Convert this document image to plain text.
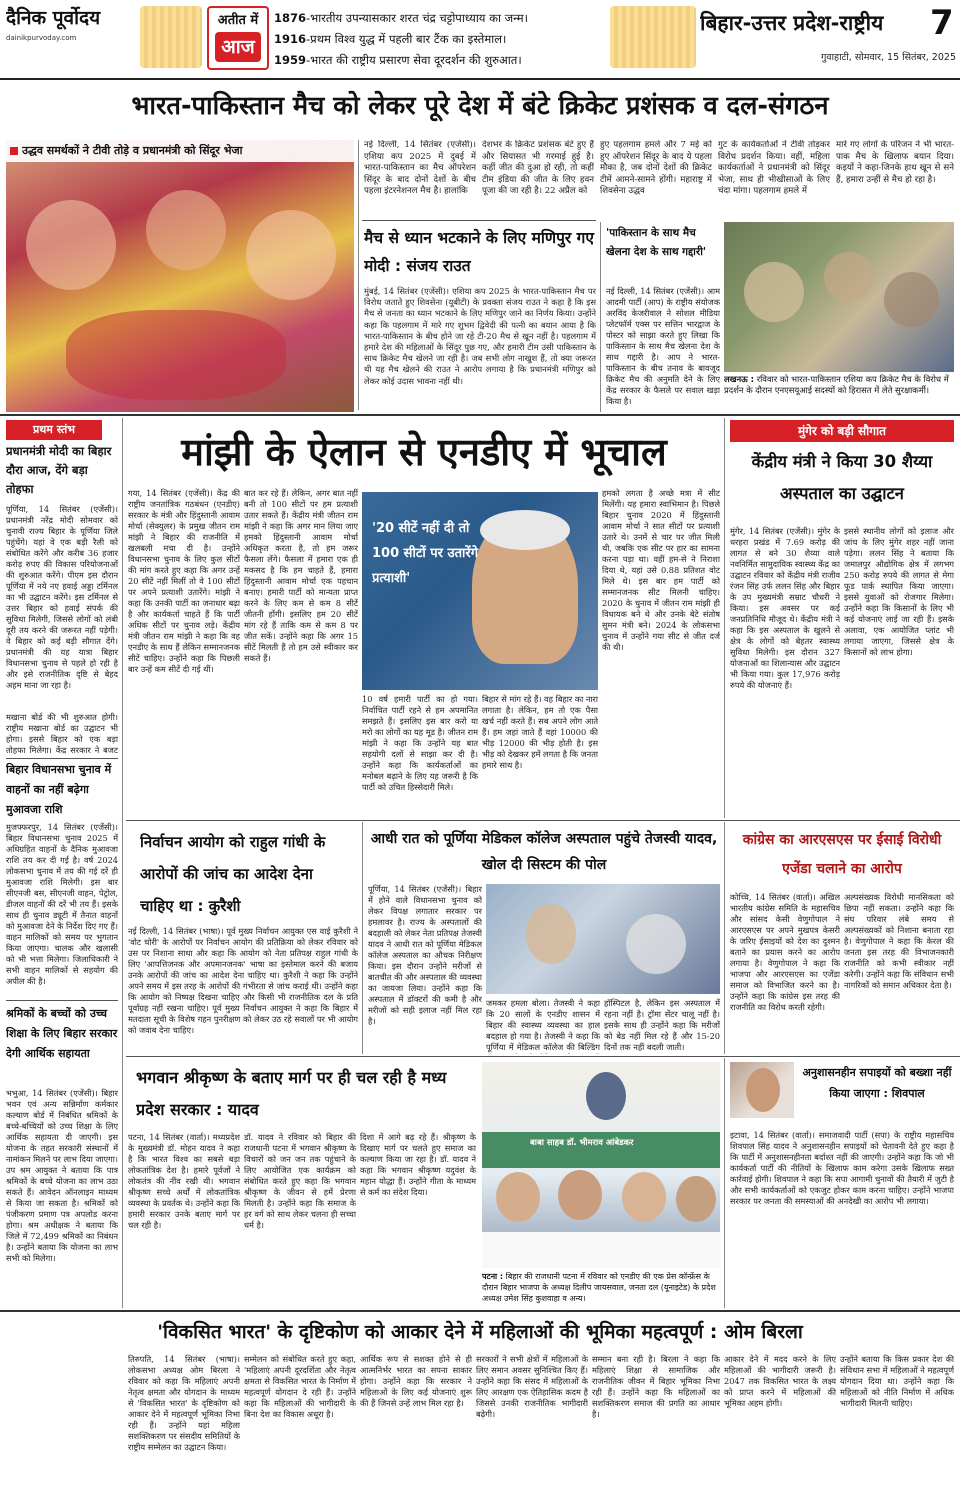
दैनिक पूर्वोदय
dainikpurvoday.com
अतीत में
आज
1876-भारतीय उपन्यासकार शरत चंद्र चट्टोपाध्याय का जन्म।
1916-प्रथम विश्व युद्ध में पहली बार टैंक का इस्तेमाल।
1959-भारत की राष्ट्रीय प्रसारण सेवा दूरदर्शन की शुरुआत।
बिहार-उत्तर प्रदेश-राष्ट्रीय	7
गुवाहाटी, सोमवार, 15 सितंबर, 2025
भारत-पाकिस्तान मैच को लेकर पूरे देश में बंटे क्रिकेट प्रशंसक व दल-संगठन
उद्धव समर्थकों ने टीवी तोड़े व प्रधानमंत्री को सिंदूर भेजा	नई दिल्ली, 14 सितंबर (एजेंसी)। एशिया कप 2025 में दुबई में भारत-पाकिस्तान का मैच ऑपरेशन सिंदूर के बाद दोनों देशों के बीच पहला इंटरनेशनल मैच है। हालांकि
देशभर के क्रिकेट प्रशंसक बंटे हुए हैं और सियासत भी गरमाई हुई है। कहीं जीत की दुआ हो रही, तो कहीं टीम इंडिया की जीत के लिए हवन पूजा की जा रही है। 22 अप्रैल को
हुए पहलगाम हमले और 7 मई को हुए ऑपरेशन सिंदूर के बाद ये पहला मौका है, जब दोनों देशों की क्रिकेट टीमें आमने-सामने होंगी। महाराष्ट्र में शिवसेना उद्धव
गुट के कार्यकर्ताओं ने टीवी तोड़कर विरोध प्रदर्शन किया। वहीं, महिला कार्यकर्ताओं ने प्रधानमंत्री को सिंदूर भेजा, साथ ही भीखीसाओं के लिए चंदा मांगा। पहलगाम हमले में
मारे गए लोगों के परिजन ने भी भारत-पाक मैच के खिलाफ बयान दिया। कइयों ने कहा-जिनके हाथ खून से सने हैं, हमारा उन्हीं से मैच हो रहा है।
मैच से ध्यान भटकाने के लिए मणिपुर गए मोदी : संजय राउत
मुंबई, 14 सितंबर (एजेंसी)। एशिया कप 2025 के भारत-पाकिस्तान मैच पर विरोध जताते हुए शिवसेना (यूबीटी) के प्रवक्ता संजय राउत ने कहा है कि इस मैच से जनता का ध्यान भटकाने के लिए मणिपुर जाने का निर्णय किया। उन्होंने कहा कि पहलगाम में मारे गए शुभम द्विवेदी की पत्नी का बयान आया है कि भारत-पाकिस्तान के बीच होने जा रहे टी-20 मैच से खून नहीं है। पहलगाम में हमारे देश की महिलाओं के सिंदूर पुछ गए, और हमारी टीम उसी पाकिस्तान के साथ क्रिकेट मैच खेलने जा रही है। जब सभी लोग नाखुश हैं, तो क्या जरूरत थी यह मैच खेलने की राउत ने आरोप लगाया है कि प्रधानमंत्री मणिपुर को लेकर कोई उदास भावना नहीं थी।
'पाकिस्तान के साथ मैच खेलना देश के साथ गद्दारी'
नई दिल्ली, 14 सितंबर (एजेंसी)। आम आदमी पार्टी (आप) के राष्ट्रीय संयोजक अरविंद केजरीवाल ने सोशल मीडिया प्लेटफॉर्म एक्स पर सत्तिन भारद्वाज के पोस्टर को साझा करते हुए लिखा कि पाकिस्तान के साथ मैच खेलना देश के साथ गद्दारी है। आप ने भारत-पाकिस्तान के बीच तनाव के बावजूद क्रिकेट मैच की अनुमति देने के लिए केंद्र सरकार के फैसले पर सवाल खड़ा किया है।
लखनऊ : रविवार को भारत-पाकिस्तान एशिया कप क्रिकेट मैच के विरोध में प्रदर्शन के दौरान एनएसयूआई सदस्यों को हिरासत में लेते सुरक्षाकर्मी।
प्रथम स्तंभ
प्रधानमंत्री मोदी का बिहार दौरा आज, देंगे बड़ा तोहफा
पूर्णिया, 14 सितंबर (एजेंसी)। प्रधानमंत्री नरेंद्र मोदी सोमवार को चुनावी राज्य बिहार के पूर्णिया जिले पहुंचेंगे। यहां वे एक बड़ी रैली को संबोधित करेंगे और करीब 36 हजार करोड़ रुपए की विकास परियोजनाओं की शुरुआत करेंगे। पीएम इस दौरान पूर्णिया में नये नए हवाई अड्डा टर्मिनल का भी उद्घाटन करेंगे। इस टर्मिनल से उत्तर बिहार को हवाई संपर्क की सुविधा मिलेगी, जिससे लोगों को लंबी दूरी तय करने की जरूरत नहीं पड़ेगी। वे बिहार को कई बड़ी सौगात देंगे। प्रधानमंत्री की यह यात्रा बिहार विधानसभा चुनाव से पहले हो रही है और इसे राजनीतिक दृष्टि से बेहद अहम माना जा रहा है।
मखाना बोर्ड की भी शुरुआत होगी। राष्ट्रीय मखाना बोर्ड का उद्घाटन भी होगा। इससे बिहार को एक बड़ा तोहफा मिलेगा। केंद्र सरकार ने बजट
बिहार विधानसभा चुनाव में वाहनों का नहीं बढ़ेगा मुआवजा राशि
मुजफ्फरपुर, 14 सितंबर (एजेंसी)। बिहार विधानसभा चुनाव 2025 में अधिग्रहित वाहनों के दैनिक मुआवजा राशि तय कर दी गई है। वर्ष 2024 लोकसभा चुनाव में तय की गई दरें ही मुआवजा राशि मिलेगी। इस बार सीएनजी बस, सीएनजी वाहन, पेट्रोल, डीजल वाहनों की दरें भी तय हैं। इसके साथ ही चुनाव ड्यूटी में तैनात वाहनों को मुआवजा देने के निर्देश दिए गए हैं। वाहन मालिकों को समय पर भुगतान किया जाएगा। चालक और खलासी को भी भत्ता मिलेगा। जिलाधिकारी ने सभी वाहन मालिकों से सहयोग की अपील की है।
श्रमिकों के बच्चों को उच्च शिक्षा के लिए बिहार सरकार देगी आर्थिक सहायता
भभुआ, 14 सितंबर (एजेंसी)। बिहार भवन एवं अन्य सन्निर्माण कर्मकार कल्याण बोर्ड में निबंधित श्रमिकों के बच्चे-बच्चियों को उच्च शिक्षा के लिए आर्थिक सहायता दी जाएगी। इस योजना के तहत सरकारी संस्थानों में नामांकन मिलने पर लाभ दिया जाएगा। उप श्रम आयुक्त ने बताया कि पात्र श्रमिकों के बच्चे योजना का लाभ उठा सकते हैं। आवेदन ऑनलाइन माध्यम से किया जा सकता है। श्रमिकों को पंजीकरण प्रमाण पत्र अपलोड करना होगा। श्रम अधीक्षक ने बताया कि जिले में 72,499 श्रमिकों का निबंधन है। उन्होंने बताया कि योजना का लाभ सभी को मिलेगा।
मांझी के ऐलान से एनडीए में भूचाल
गया, 14 सितंबर (एजेंसी)। केंद्र की राष्ट्रीय जनतांत्रिक गठबंधन (एनडीए) सरकार के मंत्री और हिंदुस्तानी आवाम मोर्चा (सेक्युलर) के प्रमुख जीतन राम मांझी ने बिहार की राजनीति में खलबली मचा दी है। उन्होंने विधानसभा चुनाव के लिए कुल सीटों की मांग करते हुए कहा कि अगर उन्हें 20 सीटें नहीं मिलीं तो वे 100 सीटों पर अपने प्रत्याशी उतारेंगे। मांझी ने कहा कि उनकी पार्टी का जनाधार बढ़ा है और कार्यकर्ता चाहते हैं कि पार्टी अधिक सीटों पर चुनाव लड़े। केंद्रीय मंत्री जीतन राम मांझी ने कहा कि वह एनडीए के साथ हैं लेकिन सम्मानजनक सीटें चाहिए। उन्होंने कहा कि पिछली बार उन्हें कम सीटें दी गई थीं।
बात कर रहे हैं। लेकिन, अगर बात नहीं बनी तो 100 सीटों पर हम प्रत्याशी उतार सकते हैं। केंद्रीय मंत्री जीतन राम मांझी ने कहा कि अगर मान लिया जाए हमको हिंदुस्तानी आवाम मोर्चा अधिकृत करता है, तो हम जरूर फैसला लेंगे। फैसला में हमारा एक ही मकसद है कि हम चाहते हैं, हमारा हिंदुस्तानी आवाम मोर्चा एक पहचान बनाए। हमारी पार्टी को मान्यता प्राप्त करने के लिए कम से कम 8 सीटें जीतनी होंगी। इसलिए हम 20 सीटें मांग रहे हैं ताकि कम से कम 8 पर जीत सकें। उन्होंने कहा कि अगर 15 सीटें मिलती हैं तो हम उसे स्वीकार कर सकते हैं।
'20 सीटें नहीं दी तो 100 सीटों पर उतारेंगे प्रत्याशी'
हमको लगता है अच्छे मत्रा में सीट मिलेंगी। यह हमारा स्वाभिमान है। पिछले बिहार चुनाव 2020 में हिंदुस्तानी आवाम मोर्चा ने सात सीटों पर प्रत्याशी उतारे थे। उनमें से चार पर जीत मिली थी, जबकि एक सीट पर हार का सामना करना पड़ा था। वहीं हम-से ने निराशा दिया थे, यहां उसे 0.88 प्रतिशत वोट मिले थे। इस बार हम पार्टी को सम्मानजनक सीट मिलनी चाहिए। 2020 के चुनाव में जीतन राम मांझी ही विधायक बने थे और उनके बेटे संतोष सुमन मंत्री बने। 2024 के लोकसभा चुनाव में उन्होंने गया सीट से जीत दर्ज की थी।
10 वर्ष हमारी पार्टी का हो गया। निर्वाचित पार्टी रहने से हम अपमानित समझते हैं। इसलिए इस बार करो या मरो का लोगों का यह मूड है। जीतन राम मांझी ने कहा कि उन्होंने यह बात सहयोगी दलों से साझा कर दी है। उन्होंने कहा कि कार्यकर्ताओं का मनोबल बढ़ाने के लिए यह जरूरी है कि पार्टी को उचित हिस्सेदारी मिले।
बिहार से मांग रहे हैं। वह बिहार का नारा लगाता है। लेकिन, हम तो एक पैसा खर्च नहीं करते हैं। सब अपने लोग आते हैं। हम जहां जाते हैं वहां 10000 की भीड़ 12000 की भीड़ होती है। इस भीड़ को देखकर हमें लगता है कि जनता हमारे साथ है।
मुंगेर को बड़ी सौगात
केंद्रीय मंत्री ने किया 30 शैय्या अस्पताल का उद्घाटन
मुंगेर, 14 सितंबर (एजेंसी)। मुंगेर के धरहरा प्रखंड में 7.69 करोड़ की लागत से बने 30 शैय्या वाले नवनिर्मित सामुदायिक स्वास्थ्य केंद्र का उद्घाटन रविवार को केंद्रीय मंत्री राजीव रंजन सिंह उर्फ ललन सिंह और बिहार के उप मुख्यमंत्री सम्राट चौधरी ने किया। इस अवसर पर कई जनप्रतिनिधि मौजूद थे। केंद्रीय मंत्री ने कहा कि इस अस्पताल के खुलने से क्षेत्र के लोगों को बेहतर स्वास्थ्य सुविधा मिलेगी। इस दौरान 327 योजनाओं का शिलान्यास और उद्घाटन भी किया गया। कुल 17,976 करोड़ रुपये की योजनाएं हैं।
इससे स्थानीय लोगों को इलाज और जांच के लिए मुंगेर शहर नहीं जाना पड़ेगा। ललन सिंह ने बताया कि जमालपुर औद्योगिक क्षेत्र में लगभग 250 करोड़ रुपये की लागत से मेगा फूड पार्क स्थापित किया जाएगा। इससे युवाओं को रोजगार मिलेगा। उन्होंने कहा कि किसानों के लिए भी कई योजनाएं लाई जा रही हैं। इसके अलावा, एक आयोजित प्लांट भी लगाया जाएगा, जिससे क्षेत्र के किसानों को लाभ होगा।
निर्वाचन आयोग को राहुल गांधी के आरोपों की जांच का आदेश देना चाहिए था : कुरैशी
नई दिल्ली, 14 सितंबर (भाषा)। पूर्व मुख्य निर्वाचन आयुक्त एस वाई कुरैशी ने 'वोट चोरी' के आरोपों पर निर्वाचन आयोग की प्रतिक्रिया को लेकर रविवार को उस पर निशाना साधा और कहा कि आयोग को नेता प्रतिपक्ष राहुल गांधी के लिए 'आपत्तिजनक और अपमानजनक' भाषा का इस्तेमाल करने की बजाय उनके आरोपों की जांच का आदेश देना चाहिए था। कुरैशी ने कहा कि उन्होंने अपने समय में इस तरह के आरोपों की गंभीरता से जांच कराई थी। उन्होंने कहा कि आयोग को निष्पक्ष दिखना चाहिए और किसी भी राजनीतिक दल के प्रति पूर्वाग्रह नहीं रखना चाहिए। पूर्व मुख्य निर्वाचन आयुक्त ने कहा कि बिहार में मतदाता सूची के विशेष गहन पुनरीक्षण को लेकर उठ रहे सवालों पर भी आयोग को जवाब देना चाहिए।
आधी रात को पूर्णिया मेडिकल कॉलेज अस्पताल पहुंचे तेजस्वी यादव, खोल दी सिस्टम की पोल
पूर्णिया, 14 सितंबर (एजेंसी)। बिहार में होने वाले विधानसभा चुनाव को लेकर विपक्ष लगातार सरकार पर हमलावर है। राज्य के अस्पतालों की बदहाली को लेकर नेता प्रतिपक्ष तेजस्वी यादव ने आधी रात को पूर्णिया मेडिकल कॉलेज अस्पताल का औचक निरीक्षण किया। इस दौरान उन्होंने मरीजों से बातचीत की और अस्पताल की व्यवस्था का जायजा लिया। उन्होंने कहा कि अस्पताल में डॉक्टरों की कमी है और मरीजों को सही इलाज नहीं मिल रहा है।
जमकर हमला बोला। तेजस्वी ने कहा कि 20 सालों के एनडीए शासन में बिहार की स्वास्थ्य व्यवस्था का हाल बदहाल हो गया है। तेजस्वी ने कहा कि पूर्णिया में मेडिकल कॉलेज की बिल्डिंग
हॉस्पिटल है, लेकिन इस अस्पताल में रहना नहीं है। ट्रॉमा सेंटर चालू नहीं है। इसके साथ ही उन्होंने कहा कि मरीजों को बेड नहीं मिल रहे हैं और 15-20 दिनों तक नहीं बदली जाती।
कांग्रेस का आरएसएस पर ईसाई विरोधी एजेंडा चलाने का आरोप
कोच्चि, 14 सितंबर (वार्ता)। अखिल भारतीय कांग्रेस समिति के महासचिव और सांसद केसी वेणुगोपाल ने आरएसएस पर अपने मुखपत्र केसरी के जरिए ईसाइयों को देश का दुश्मन बताने का प्रयास करने का आरोप लगाया है। वेणुगोपाल ने कहा कि भाजपा और आरएसएस का एजेंडा समाज को विभाजित करने का है। उन्होंने कहा कि कांग्रेस इस तरह की राजनीति का विरोध करती रहेगी।
अल्पसंख्यक विरोधी मानसिकता को छिपा नहीं सकता। उन्होंने कहा कि संघ परिवार लंबे समय से अल्पसंख्यकों को निशाना बनाता रहा है। वेणुगोपाल ने कहा कि केरल की जनता इस तरह की विभाजनकारी राजनीति को कभी स्वीकार नहीं करेगी। उन्होंने कहा कि संविधान सभी नागरिकों को समान अधिकार देता है।
भगवान श्रीकृष्ण के बताए मार्ग पर ही चल रही है मध्य प्रदेश सरकार : यादव
पटना, 14 सितंबर (वार्ता)। मध्यप्रदेश के मुख्यमंत्री डॉ. मोहन यादव ने कहा है कि भारत विश्व का सबसे बड़ा लोकतांत्रिक देश है। हमारे पूर्वजों ने लोकतंत्र की नींव रखी थी। भगवान श्रीकृष्ण सच्चे अर्थों में लोकतांत्रिक व्यवस्था के प्रवर्तक थे। उन्होंने कहा कि हमारी सरकार उनके बताए मार्ग पर चल रही है।
डॉ. यादव ने रविवार को बिहार की राजधानी पटना में भगवान श्रीकृष्ण के विचारों को जन जन तक पहुंचाने के लिए आयोजित एक कार्यक्रम को संबोधित करते हुए कहा कि भगवान श्रीकृष्ण के जीवन से हमें प्रेरणा मिलती है। उन्होंने कहा कि समाज के हर वर्ग को साथ लेकर चलना ही सच्चा धर्म है।
दिशा में आगे बढ़ रहे हैं। श्रीकृष्ण के दिखाए मार्ग पर चलते हुए समाज का कल्याण किया जा रहा है। डॉ. यादव ने कहा कि भगवान श्रीकृष्ण यदुवंश के महान योद्धा हैं। उन्होंने गीता के माध्यम से कर्म का संदेश दिया।
बाबा साहब डॉ. भीमराव आंबेडकर
पटना : बिहार की राजधानी पटना में रविवार को एनडीए की एक प्रेस कॉन्फ्रेंस के दौरान बिहार भाजपा के अध्यक्ष दिलीप जायसवाल, जनता दल (यूनाइटेड) के प्रदेश अध्यक्ष उमेश सिंह कुशवाहा व अन्य।
अनुशासनहीन सपाइयों को बख्शा नहीं किया जाएगा : शिवपाल
इटावा, 14 सितंबर (वार्ता)। समाजवादी पार्टी (सपा) के राष्ट्रीय महासचिव शिवपाल सिंह यादव ने अनुशासनहीन सपाइयों को चेतावनी देते हुए कहा है कि पार्टी में अनुशासनहीनता बर्दाश्त नहीं की जाएगी। उन्होंने कहा कि जो भी कार्यकर्ता पार्टी की नीतियों के खिलाफ काम करेगा उसके खिलाफ सख्त कार्रवाई होगी। शिवपाल ने कहा कि सपा आगामी चुनावों की तैयारी में जुटी है और सभी कार्यकर्ताओं को एकजुट होकर काम करना चाहिए। उन्होंने भाजपा सरकार पर जनता की समस्याओं की अनदेखी का आरोप भी लगाया।
'विकसित भारत' के दृष्टिकोण को आकार देने में महिलाओं की भूमिका महत्वपूर्ण : ओम बिरला
तिरुपति, 14 सितंबर (भाषा)। लोकसभा अध्यक्ष ओम बिरला ने रविवार को कहा कि महिलाएं अपनी नेतृत्व क्षमता और योगदान के माध्यम से 'विकसित भारत' के दृष्टिकोण को आकार देने में महत्वपूर्ण भूमिका निभा रही हैं। उन्होंने यहां महिला सशक्तिकरण पर संसदीय समितियों के राष्ट्रीय सम्मेलन का उद्घाटन किया।
सम्मेलन को संबोधित करते हुए कहा, 'महिलाएं अपनी दूरदर्शिता और नेतृत्व क्षमता से विकसित भारत के निर्माण में महत्वपूर्ण योगदान दे रही हैं। उन्होंने कहा कि महिलाओं की भागीदारी के बिना देश का विकास अधूरा है।
आर्थिक रूप से सशक्त होने से ही आत्मनिर्भर भारत का सपना साकार होगा। उन्होंने कहा कि सरकार ने महिलाओं के लिए कई योजनाएं शुरू की हैं जिनसे उन्हें लाभ मिल रहा है।
सरकारों ने सभी क्षेत्रों में महिलाओं के लिए समान अवसर सुनिश्चित किए हैं। उन्होंने कहा कि संसद में महिलाओं के लिए आरक्षण एक ऐतिहासिक कदम है जिससे उनकी राजनीतिक भागीदारी बढ़ेगी।
सम्मान बना रही है। बिरला ने कहा कि महिलाएं शिक्षा से सामाजिक और राजनीतिक जीवन में बिहार भूमिका निभा रही हैं। उन्होंने कहा कि महिलाओं का सशक्तिकरण समाज की प्रगति का आधार है।
आकार देने में मदद करने के लिए महिलाओं की भागीदारी जरूरी है। 2047 तक विकसित भारत के लक्ष्य को प्राप्त करने में महिलाओं की भूमिका अहम होगी।
उन्होंने बताया कि किस प्रकार देश की संविधान सभा में महिलाओं ने महत्वपूर्ण योगदान दिया था। उन्होंने कहा कि महिलाओं को नीति निर्माण में अधिक भागीदारी मिलनी चाहिए।
